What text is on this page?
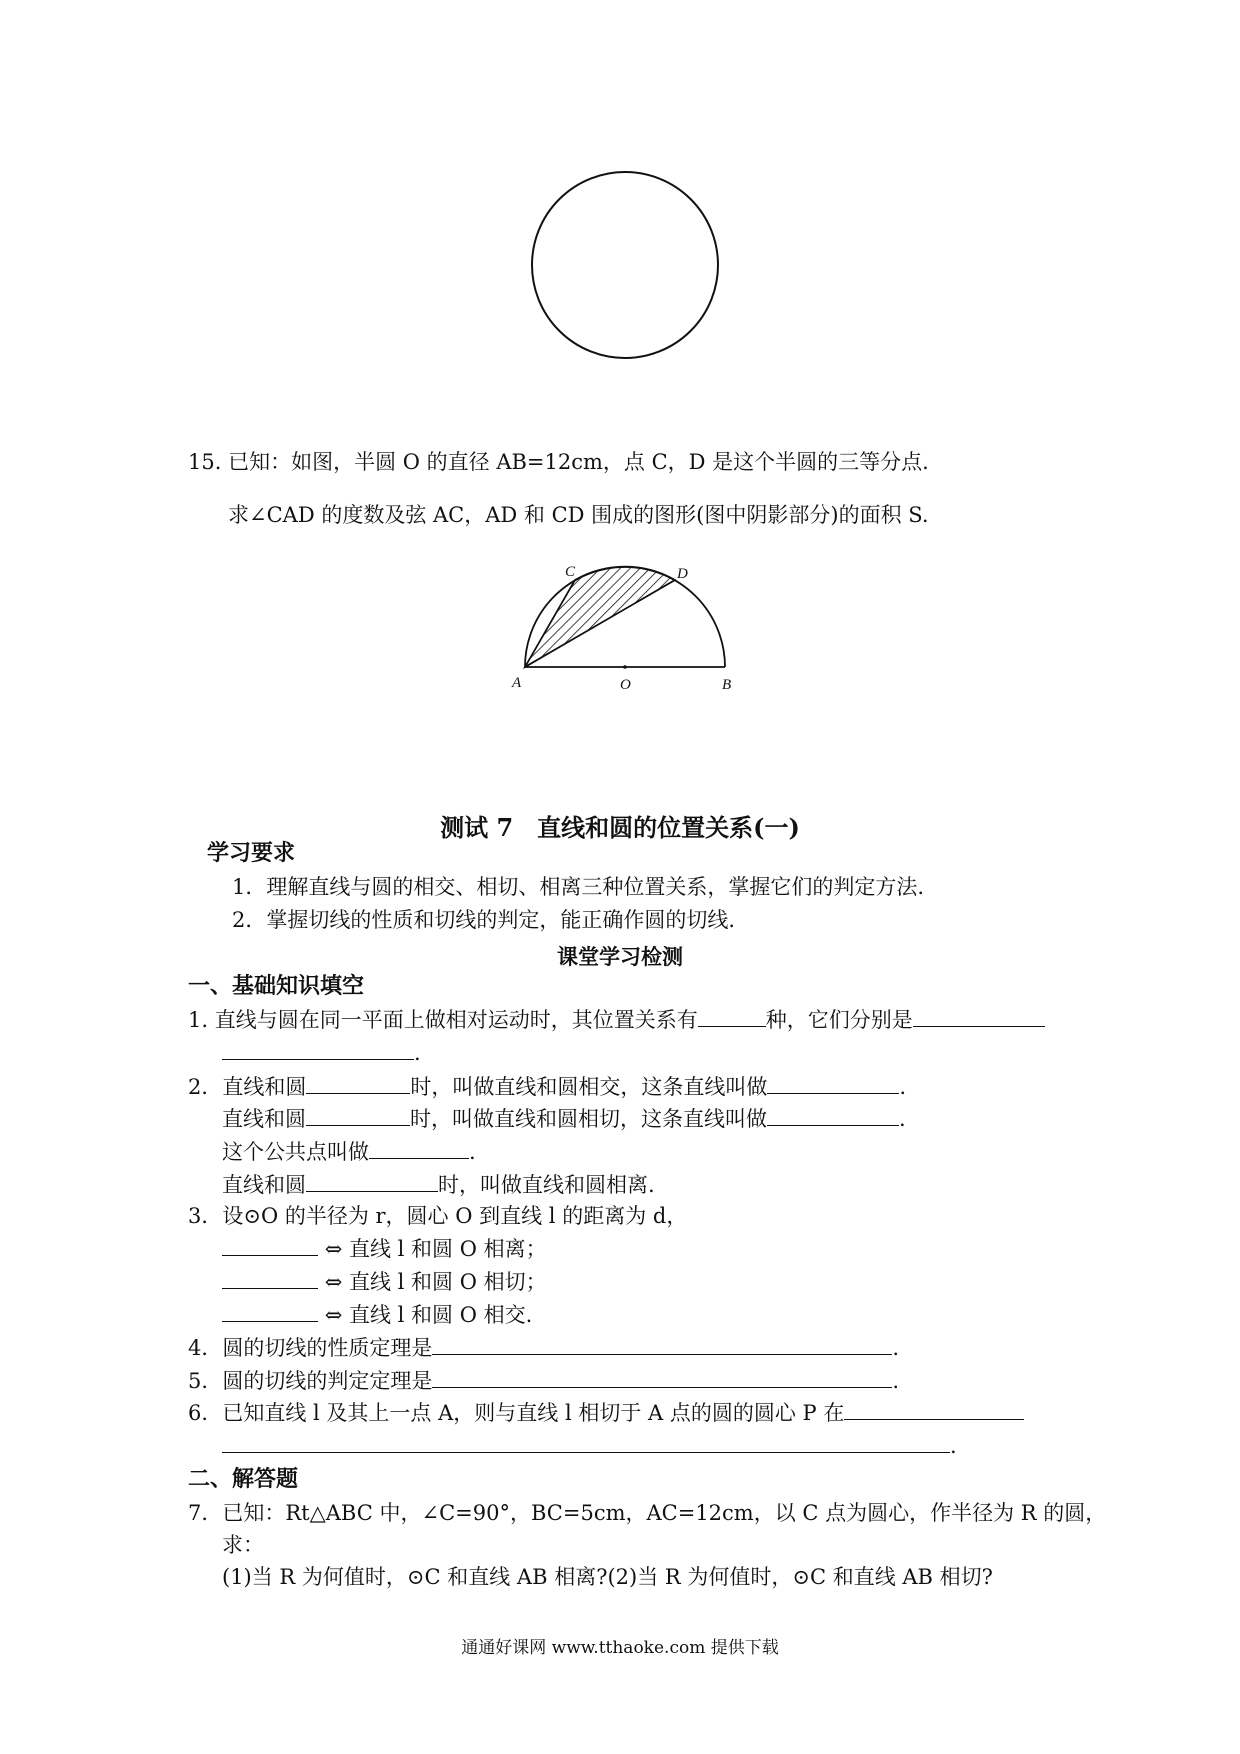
15. 已知：如图，半圆 O 的直径 AB=12cm，点 C，D 是这个半圆的三等分点.
求∠CAD 的度数及弦 AC，AD 和 CD 围成的图形(图中阴影部分)的面积 S.
A	O	B
C	D
测试 7　直线和圆的位置关系(一)
学习要求
1．理解直线与圆的相交、相切、相离三种位置关系，掌握它们的判定方法.
2．掌握切线的性质和切线的判定，能正确作圆的切线.
课堂学习检测
一、基础知识填空
1. 直线与圆在同一平面上做相对运动时，其位置关系有	种，它们分别是
.
2．直线和圆	时，叫做直线和圆相交，这条直线叫做	.
直线和圆	时，叫做直线和圆相切，这条直线叫做	.
这个公共点叫做	.
直线和圆	时，叫做直线和圆相离.
3．设⊙O 的半径为 r，圆心 O 到直线 l 的距离为 d，
⇔ 直线 l 和圆 O 相离；
⇔ 直线 l 和圆 O 相切；
⇔ 直线 l 和圆 O 相交.
4．圆的切线的性质定理是	.
5．圆的切线的判定定理是	.
6．已知直线 l 及其上一点 A，则与直线 l 相切于 A 点的圆的圆心 P 在
.
二、解答题
7．已知：Rt△ABC 中，∠C=90°，BC=5cm，AC=12cm，以 C 点为圆心，作半径为 R 的圆，
求：
(1)当 R 为何值时，⊙C 和直线 AB 相离?(2)当 R 为何值时，⊙C 和直线 AB 相切?
通通好课网 www.tthaoke.com 提供下载
